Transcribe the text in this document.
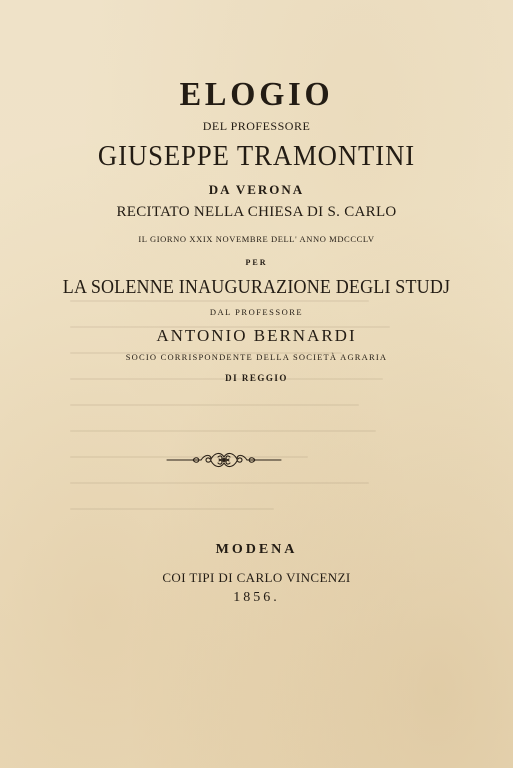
ELOGIO
DEL PROFESSORE
GIUSEPPE TRAMONTINI
DA VERONA
RECITATO NELLA CHIESA DI S. CARLO
IL GIORNO XXIX NOVEMBRE DELL' ANNO MDCCCLV
PER
LA SOLENNE INAUGURAZIONE DEGLI STUDJ
DAL PROFESSORE
ANTONIO BERNARDI
SOCIO CORRISPONDENTE DELLA SOCIETÀ AGRARIA
DI REGGIO
MODENA
COI TIPI DI CARLO VINCENZI
1856.
